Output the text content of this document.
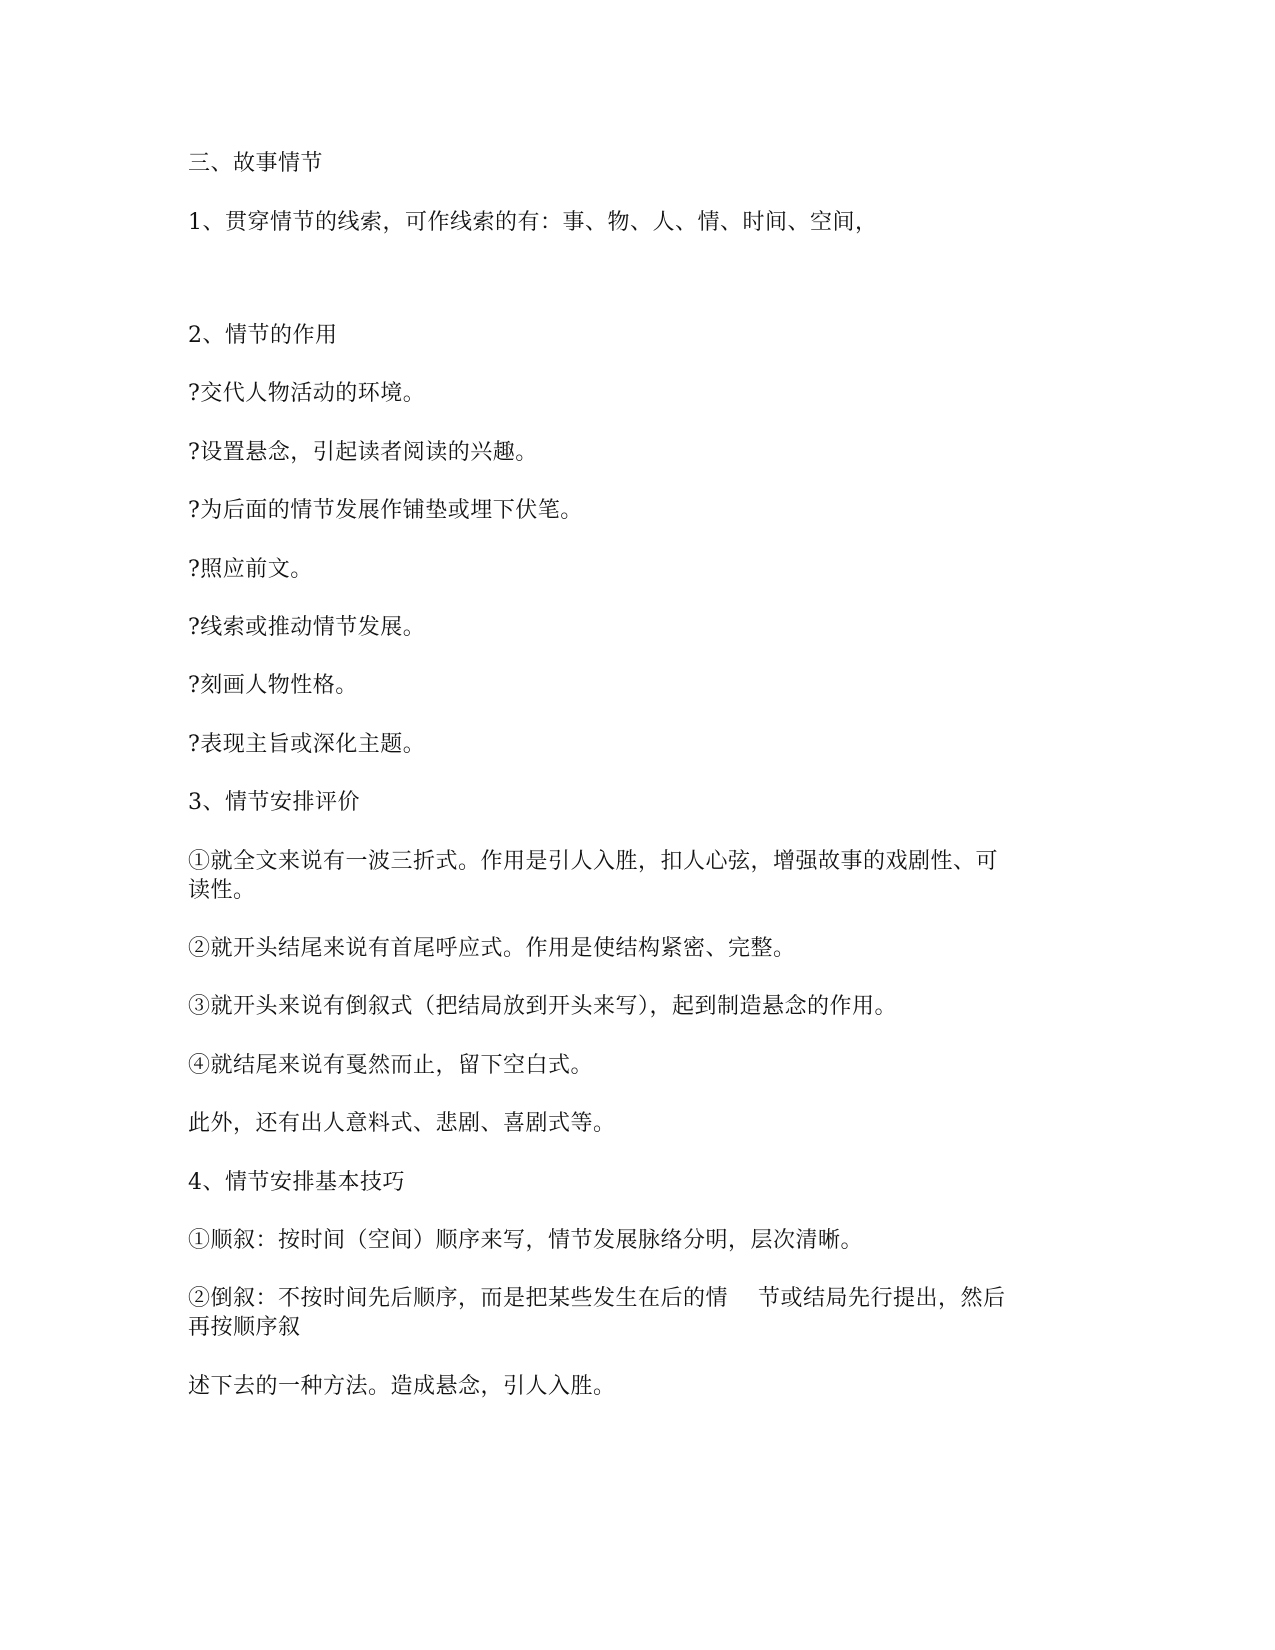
三、故事情节
1、贯穿情节的线索，可作线索的有：事、物、人、情、时间、空间，
2、情节的作用
?交代人物活动的环境。
?设置悬念，引起读者阅读的兴趣。
?为后面的情节发展作铺垫或埋下伏笔。
?照应前文。
?线索或推动情节发展。
?刻画人物性格。
?表现主旨或深化主题。
3、情节安排评价
①就全文来说有一波三折式。作用是引人入胜，扣人心弦，增强故事的戏剧性、可
读性。
②就开头结尾来说有首尾呼应式。作用是使结构紧密、完整。
③就开头来说有倒叙式（把结局放到开头来写），起到制造悬念的作用。
④就结尾来说有戛然而止，留下空白式。
此外，还有出人意料式、悲剧、喜剧式等。
4、情节安排基本技巧
①顺叙：按时间（空间）顺序来写，情节发展脉络分明，层次清晰。
②倒叙：不按时间先后顺序，而是把某些发生在后的情    节或结局先行提出，然后
再按顺序叙
述下去的一种方法。造成悬念，引人入胜。
